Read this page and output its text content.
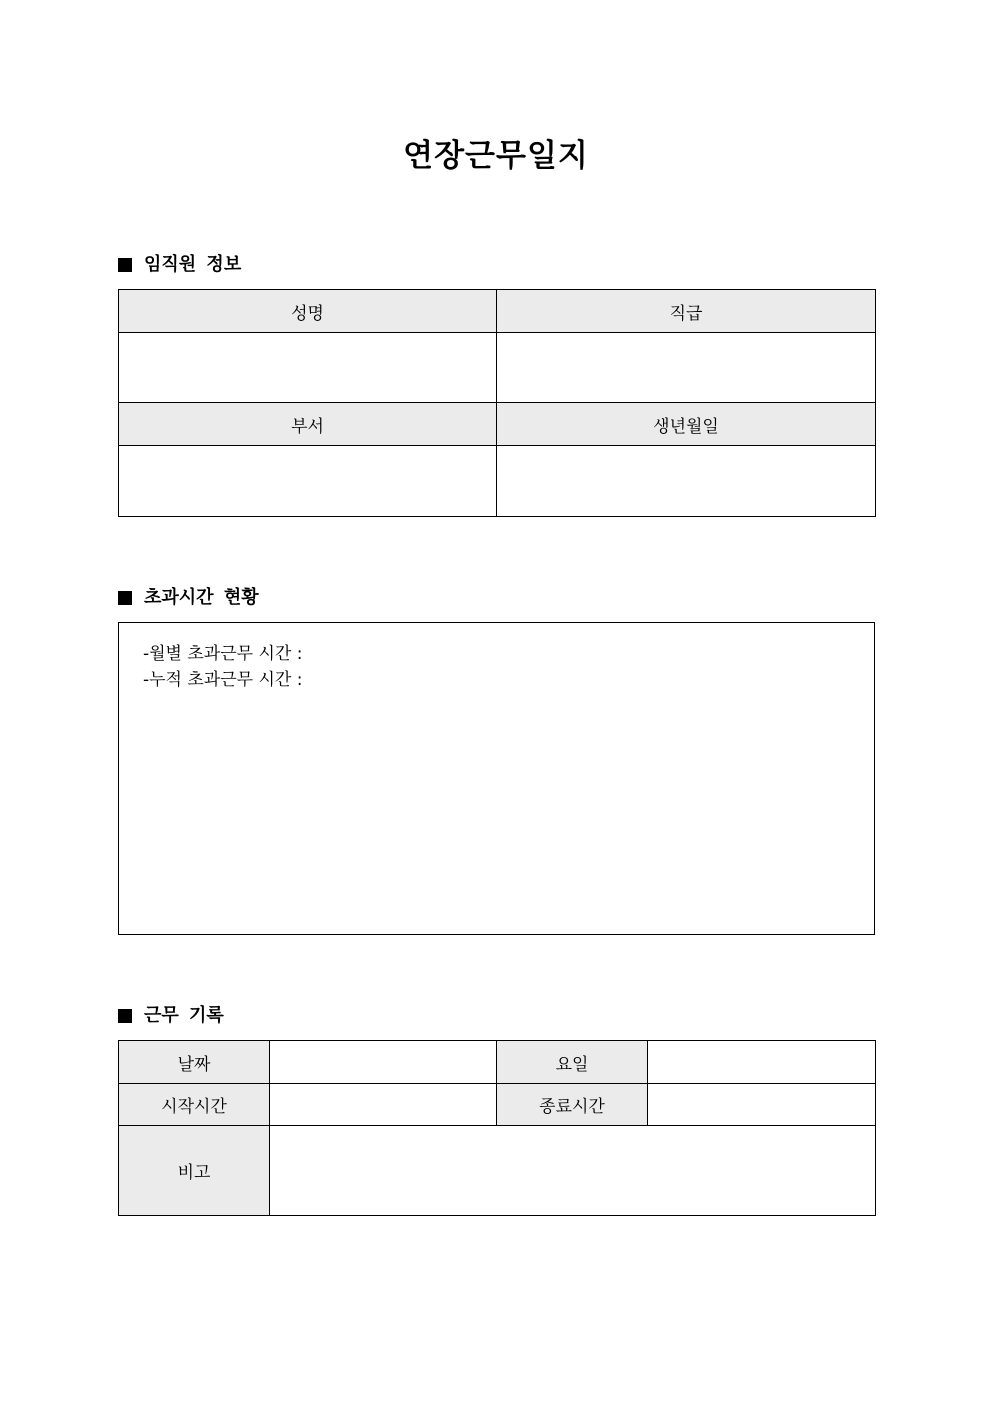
연장근무일지
임직원 정보
성명	직급

부서	생년월일

초과시간 현황
-월별 초과근무 시간 :
-누적 초과근무 시간 :
근무 기록
날짜		요일	
시작시간		종료시간	
비고			
